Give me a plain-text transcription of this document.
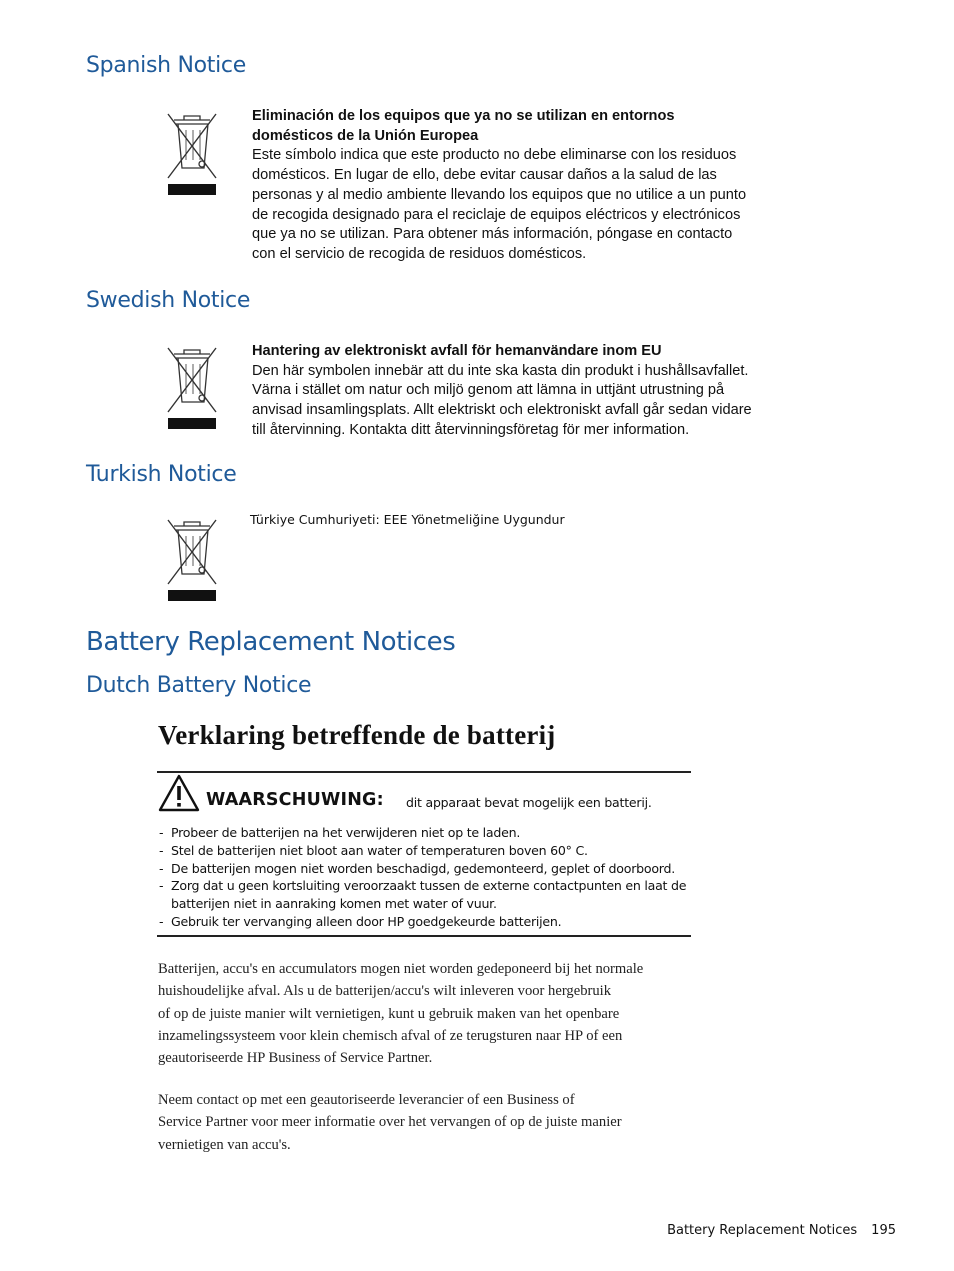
Spanish Notice
Eliminación de los equipos que ya no se utilizan en entornos
domésticos de la Unión Europea
Este símbolo indica que este producto no debe eliminarse con los residuos
domésticos. En lugar de ello, debe evitar causar daños a la salud de las
personas y al medio ambiente llevando los equipos que no utilice a un punto
de recogida designado para el reciclaje de equipos eléctricos y electrónicos
que ya no se utilizan. Para obtener más información, póngase en contacto
con el servicio de recogida de residuos domésticos.
Swedish Notice
Hantering av elektroniskt avfall för hemanvändare inom EU
Den här symbolen innebär att du inte ska kasta din produkt i hushållsavfallet.
Värna i stället om natur och miljö genom att lämna in uttjänt utrustning på
anvisad insamlingsplats. Allt elektriskt och elektroniskt avfall går sedan vidare
till återvinning. Kontakta ditt återvinningsföretag för mer information.
Turkish Notice
Türkiye Cumhuriyeti: EEE Yönetmeliğine Uygundur
Battery Replacement Notices
Dutch Battery Notice
Verklaring betreffende de batterij
WAARSCHUWING: dit apparaat bevat mogelijk een batterij.
- Probeer de batterijen na het verwijderen niet op te laden.
- Stel de batterijen niet bloot aan water of temperaturen boven 60° C.
- De batterijen mogen niet worden beschadigd, gedemonteerd, geplet of doorboord.
- Zorg dat u geen kortsluiting veroorzaakt tussen de externe contactpunten en laat de
batterijen niet in aanraking komen met water of vuur.
- Gebruik ter vervanging alleen door HP goedgekeurde batterijen.
Batterijen, accu's en accumulators mogen niet worden gedeponeerd bij het normale
huishoudelijke afval. Als u de batterijen/accu's wilt inleveren voor hergebruik
of op de juiste manier wilt vernietigen, kunt u gebruik maken van het openbare
inzamelingssysteem voor klein chemisch afval of ze terugsturen naar HP of een
geautoriseerde HP Business of Service Partner.
Neem contact op met een geautoriseerde leverancier of een Business of
Service Partner voor meer informatie over het vervangen of op de juiste manier
vernietigen van accu's.
Battery Replacement Notices 195
